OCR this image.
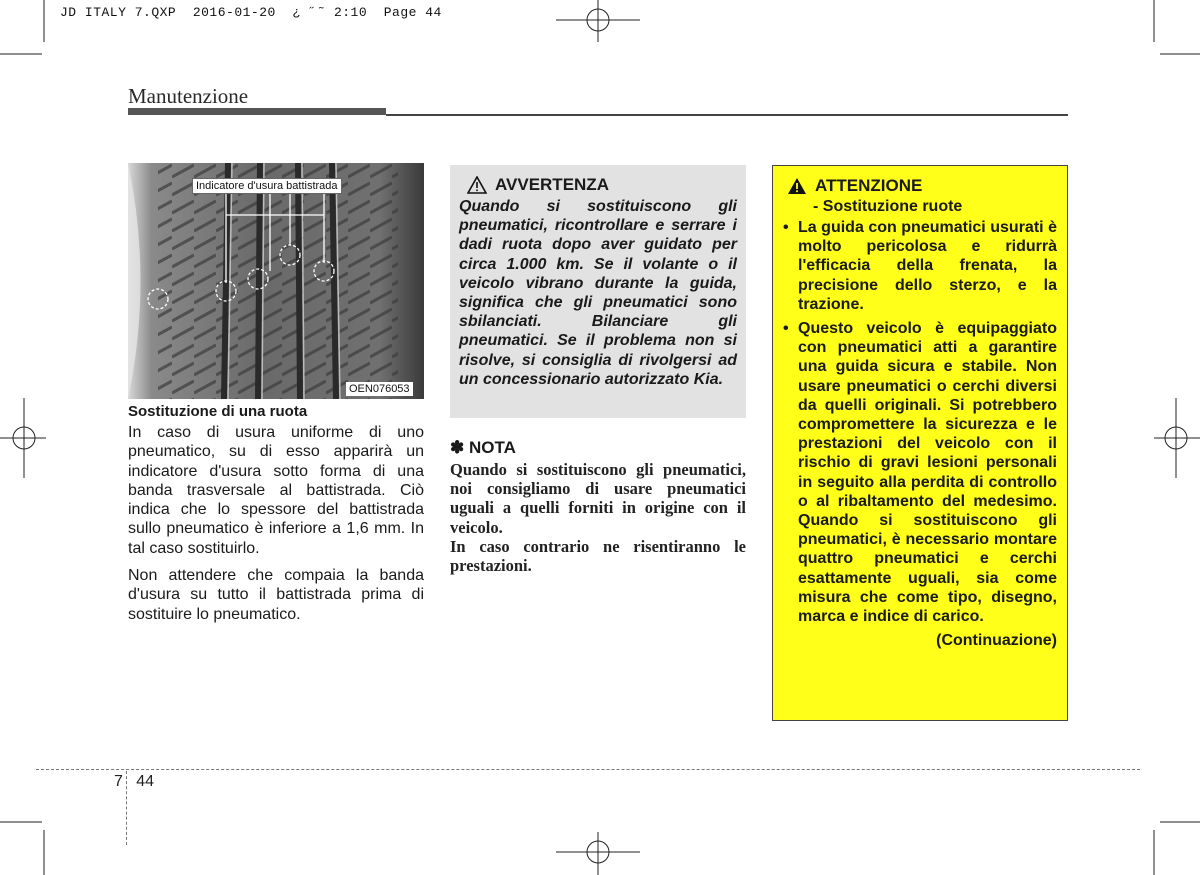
JD ITALY 7.QXP  2016-01-20  ¿ ˝˜ 2:10  Page 44
Manutenzione
Indicatore d'usura battistrada
OEN076053
Sostituzione di una ruota

In caso di usura uniforme di uno pneumatico, su di esso apparirà un indicatore d'usura sotto forma di una banda trasversale al battistrada. Ciò indica che lo spessore del battistrada sullo pneumatico è inferiore a 1,6 mm. In tal caso sostituirlo.

Non attendere che compaia la banda d'usura su tutto il battistrada prima di sostituire lo pneumatico.

AVVERTENZA
Quando si sostituiscono gli pneumatici, ricontrollare e serrare i dadi ruota dopo aver guidato per circa 1.000 km. Se il volante o il veicolo vibrano durante la guida, significa che gli pneumatici sono sbilanciati. Bilanciare gli pneumatici. Se il problema non si risolve, si consiglia di rivolgersi ad un concessionario autorizzato Kia.
✽ NOTA

Quando si sostituiscono gli pneumatici, noi consigliamo di usare pneumatici uguali a quelli forniti in origine con il veicolo.

In caso contrario ne risentiranno le prestazioni.

ATTENZIONE
- Sostituzione ruote
• La guida con pneumatici usurati è molto pericolosa e ridurrà l'efficacia della frenata, la precisione dello sterzo, e la trazione.
• Questo veicolo è equipaggiato con pneumatici atti a garantire una guida sicura e stabile. Non usare pneumatici o cerchi diversi da quelli originali. Si potrebbero compromettere la sicurezza e le prestazioni del veicolo con il rischio di gravi lesioni personali in seguito alla perdita di controllo o al ribaltamento del medesimo. Quando si sostituiscono gli pneumatici, è necessario montare quattro pneumatici e cerchi esattamente uguali, sia come misura che come tipo, disegno, marca e indice di carico.
(Continuazione)
7 44
